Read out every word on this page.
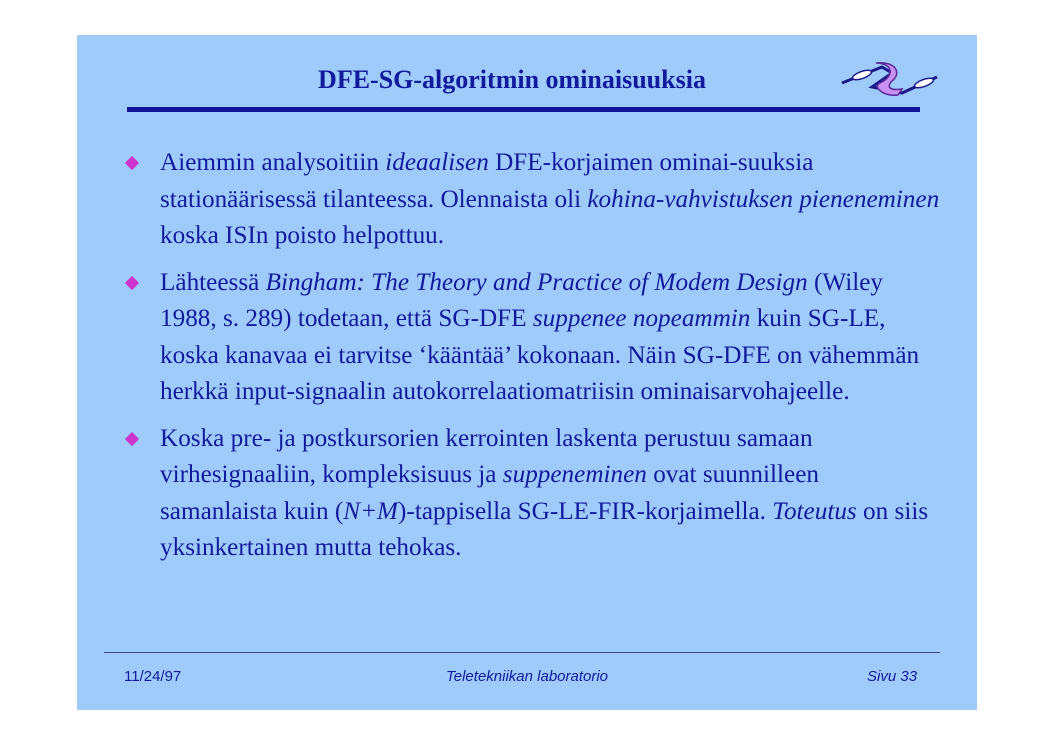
DFE-SG-algoritmin ominaisuuksia
Aiemmin analysoitiin ideaalisen DFE-korjaimen ominai-suuksia stationäärisessä tilanteessa. Olennaista oli kohina-vahvistuksen pieneneminen koska ISIn poisto helpottuu.
Lähteessä Bingham: The Theory and Practice of Modem Design (Wiley 1988, s. 289) todetaan, että SG-DFE suppenee nopeammin kuin SG-LE, koska kanavaa ei tarvitse ‘kääntää’ kokonaan. Näin SG-DFE on vähemmän herkkä input-signaalin autokorrelaatiomatriisin ominaisarvohajeelle.
Koska pre- ja postkursorien kerrointen laskenta perustuu samaan virhesignaaliin, kompleksisuus ja suppeneminen ovat suunnilleen samanlaista kuin (N+M)-tappisella SG-LE-FIR-korjaimella. Toteutus on siis yksinkertainen mutta tehokas.
11/24/97	Teletekniikan laboratorio	Sivu 33
